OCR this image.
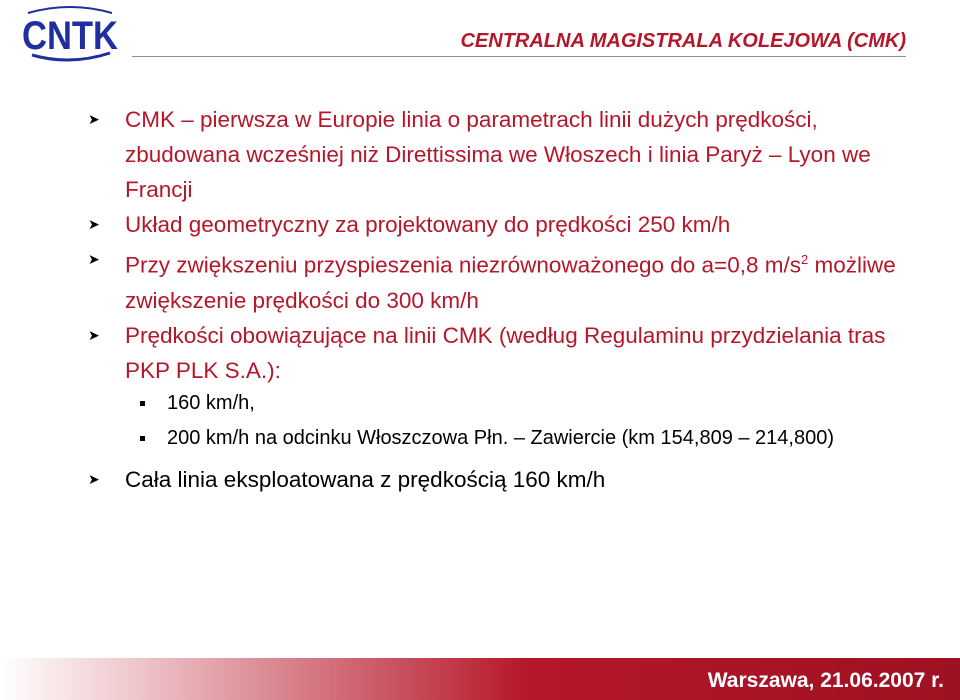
CNTK	CENTRALNA MAGISTRALA KOLEJOWA (CMK)
➤ CMK – pierwsza w Europie linia o parametrach linii dużych prędkości, zbudowana wcześniej niż Direttissima we Włoszech i linia Paryż – Lyon we Francji
➤ Układ geometryczny za projektowany do prędkości 250 km/h
➤ Przy zwiększeniu przyspieszenia niezrównoważonego do a=0,8 $m/s^2$ możliwe zwiększenie prędkości do 300 km/h
➤ Prędkości obowiązujące na linii CMK (według Regulaminu przydzielania tras PKP PLK S.A.):
160 km/h,
200 km/h na odcinku Włoszczowa Płn. – Zawiercie (km 154,809 – 214,800)
➤ Cała linia eksploatowana z prędkością 160 km/h
Warszawa, 21.06.2007 r.
